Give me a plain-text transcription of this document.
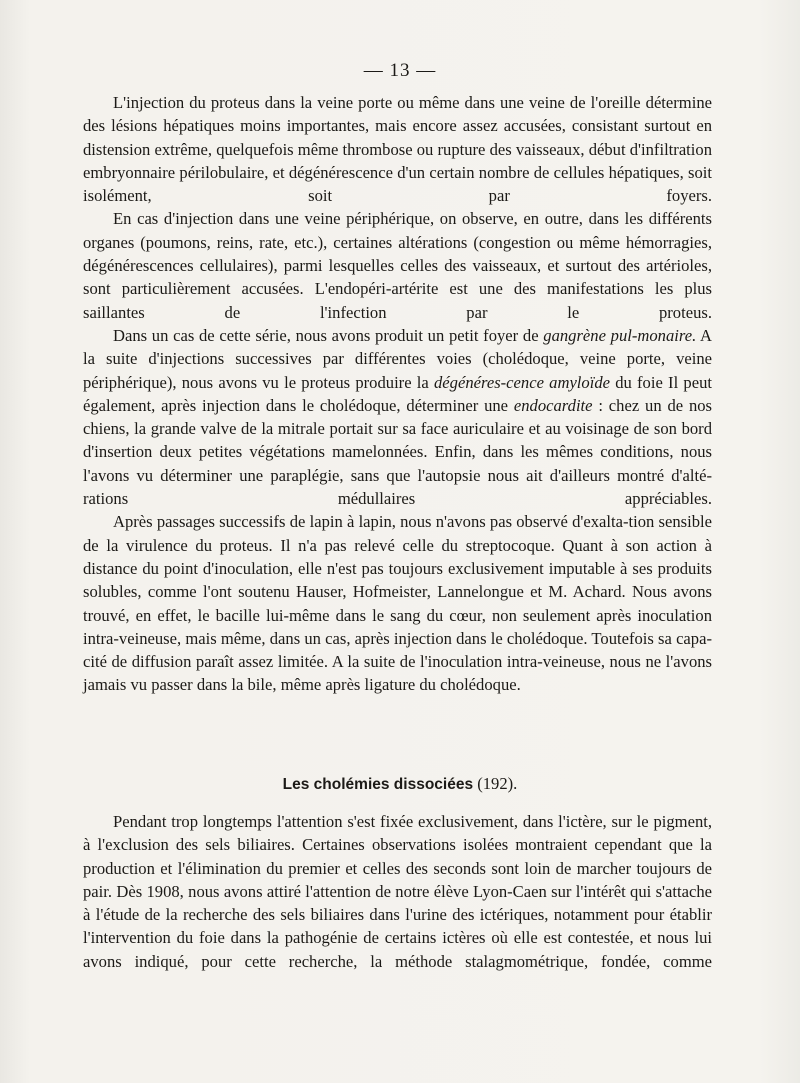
— 13 —

L'injection du proteus dans la veine porte ou même dans une veine de l'oreille détermine des lésions hépatiques moins importantes, mais encore assez accusées, consistant surtout en distension extrême, quelquefois même thrombose ou rupture des vaisseaux, début d'infiltration embryonnaire périlobulaire, et dégénérescence d'un certain nombre de cellules hépatiques, soit isolément, soit par foyers.

En cas d'injection dans une veine périphérique, on observe, en outre, dans les différents organes (poumons, reins, rate, etc.), certaines altérations (congestion ou même hémorragies, dégénérescences cellulaires), parmi lesquelles celles des vaisseaux, et surtout des artérioles, sont particulièrement accusées. L'endopéri-artérite est une des manifestations les plus saillantes de l'infection par le proteus.

Dans un cas de cette série, nous avons produit un petit foyer de gangrène pul-monaire. A la suite d'injections successives par différentes voies (cholédoque, veine porte, veine périphérique), nous avons vu le proteus produire la dégénéres-cence amyloïde du foie Il peut également, après injection dans le cholédoque, déterminer une endocardite : chez un de nos chiens, la grande valve de la mitrale portait sur sa face auriculaire et au voisinage de son bord d'insertion deux petites végétations mamelonnées. Enfin, dans les mêmes conditions, nous l'avons vu déterminer une paraplégie, sans que l'autopsie nous ait d'ailleurs montré d'alté-rations médullaires appréciables.

Après passages successifs de lapin à lapin, nous n'avons pas observé d'exalta-tion sensible de la virulence du proteus. Il n'a pas relevé celle du streptocoque. Quant à son action à distance du point d'inoculation, elle n'est pas toujours exclusivement imputable à ses produits solubles, comme l'ont soutenu Hauser, Hofmeister, Lannelongue et M. Achard. Nous avons trouvé, en effet, le bacille lui-même dans le sang du cœur, non seulement après inoculation intra-veineuse, mais même, dans un cas, après injection dans le cholédoque. Toutefois sa capa-cité de diffusion paraît assez limitée. A la suite de l'inoculation intra-veineuse, nous ne l'avons jamais vu passer dans la bile, même après ligature du cholédoque.

Les cholémies dissociées (192).

Pendant trop longtemps l'attention s'est fixée exclusivement, dans l'ictère, sur le pigment, à l'exclusion des sels biliaires. Certaines observations isolées montraient cependant que la production et l'élimination du premier et celles des seconds sont loin de marcher toujours de pair. Dès 1908, nous avons attiré l'attention de notre élève Lyon-Caen sur l'intérêt qui s'attache à l'étude de la recherche des sels biliaires dans l'urine des ictériques, notamment pour établir l'intervention du foie dans la pathogénie de certains ictères où elle est contestée, et nous lui avons indiqué, pour cette recherche, la méthode stalagmométrique, fondée, comme
